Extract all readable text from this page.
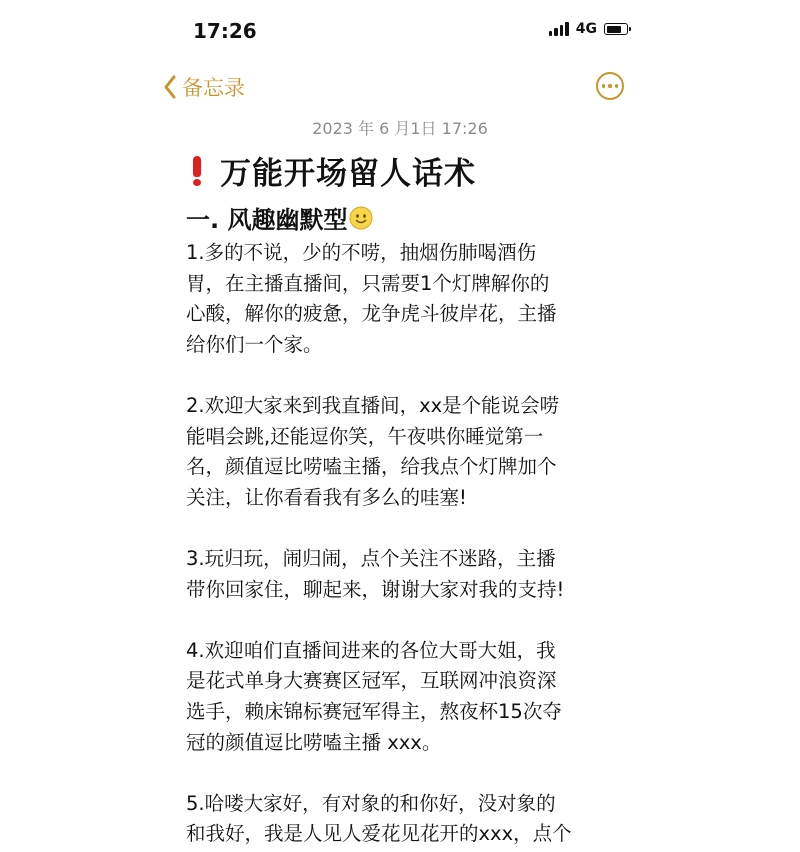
17:26	4G
备忘录
2023 年 6 月1日 17:26
万能开场留人话术
一. 风趣幽默型

1.多的不说，少的不唠，抽烟伤肺喝酒伤

胃，在主播直播间，只需要1个灯牌解你的

心酸，解你的疲惫，龙争虎斗彼岸花，主播

给你们一个家。

2.欢迎大家来到我直播间，xx是个能说会唠

能唱会跳,还能逗你笑，午夜哄你睡觉第一

名，颜值逗比唠嗑主播，给我点个灯牌加个

关注，让你看看我有多么的哇塞!

3.玩归玩，闹归闹，点个关注不迷路，主播

带你回家住，聊起来，谢谢大家对我的支持!

4.欢迎咱们直播间进来的各位大哥大姐，我

是花式单身大赛赛区冠军，互联网冲浪资深

选手，赖床锦标赛冠军得主，熬夜杯15次夺

冠的颜值逗比唠嗑主播 xxx。

5.哈喽大家好，有对象的和你好，没对象的

和我好，我是人见人爱花见花开的xxx，点个
